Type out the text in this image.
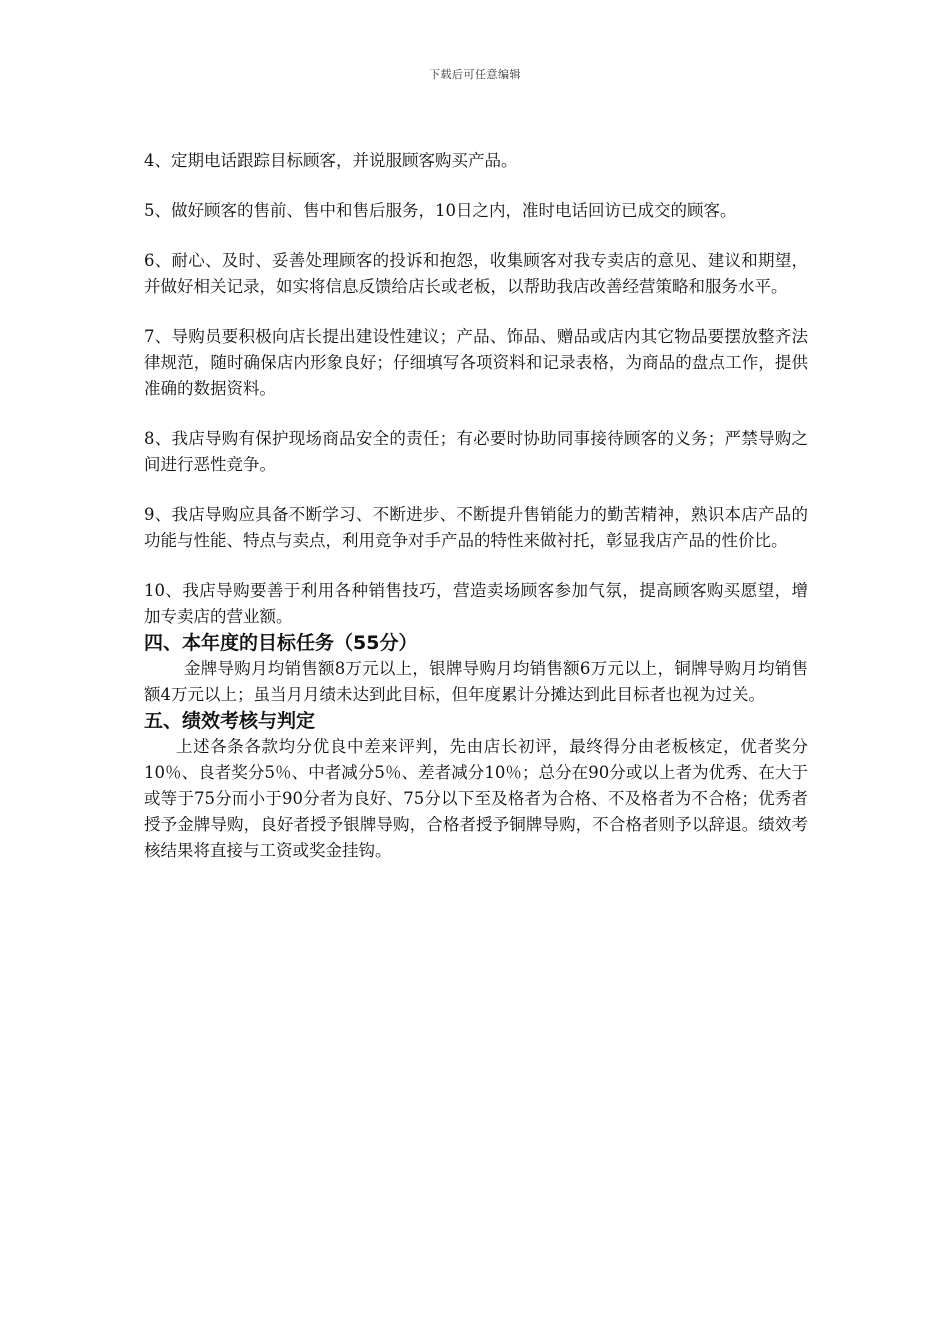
下载后可任意编辑

4、定期电话跟踪目标顾客，并说服顾客购买产品。

5、做好顾客的售前、售中和售后服务，10日之内，准时电话回访已成交的顾客。

6、耐心、及时、妥善处理顾客的投诉和抱怨，收集顾客对我专卖店的意见、建议和期望，并做好相关记录，如实将信息反馈给店长或老板，以帮助我店改善经营策略和服务水平。

7、导购员要积极向店长提出建设性建议；产品、饰品、赠品或店内其它物品要摆放整齐法律规范，随时确保店内形象良好；仔细填写各项资料和记录表格，为商品的盘点工作，提供准确的数据资料。

8、我店导购有保护现场商品安全的责任；有必要时协助同事接待顾客的义务；严禁导购之间进行恶性竞争。

9、我店导购应具备不断学习、不断进步、不断提升售销能力的勤苦精神，熟识本店产品的功能与性能、特点与卖点，利用竞争对手产品的特性来做衬托，彰显我店产品的性价比。

10、我店导购要善于利用各种销售技巧，营造卖场顾客参加气氛，提高顾客购买愿望，增加专卖店的营业额。

四、本年度的目标任务（55分）

金牌导购月均销售额8万元以上，银牌导购月均销售额6万元以上，铜牌导购月均销售额4万元以上；虽当月月绩未达到此目标，但年度累计分摊达到此目标者也视为过关。

五、绩效考核与判定

上述各条各款均分优良中差来评判，先由店长初评，最终得分由老板核定，优者奖分10％、良者奖分5％、中者减分5％、差者减分10％；总分在90分或以上者为优秀、在大于或等于75分而小于90分者为良好、75分以下至及格者为合格、不及格者为不合格；优秀者授予金牌导购，良好者授予银牌导购，合格者授予铜牌导购，不合格者则予以辞退。绩效考核结果将直接与工资或奖金挂钩。
